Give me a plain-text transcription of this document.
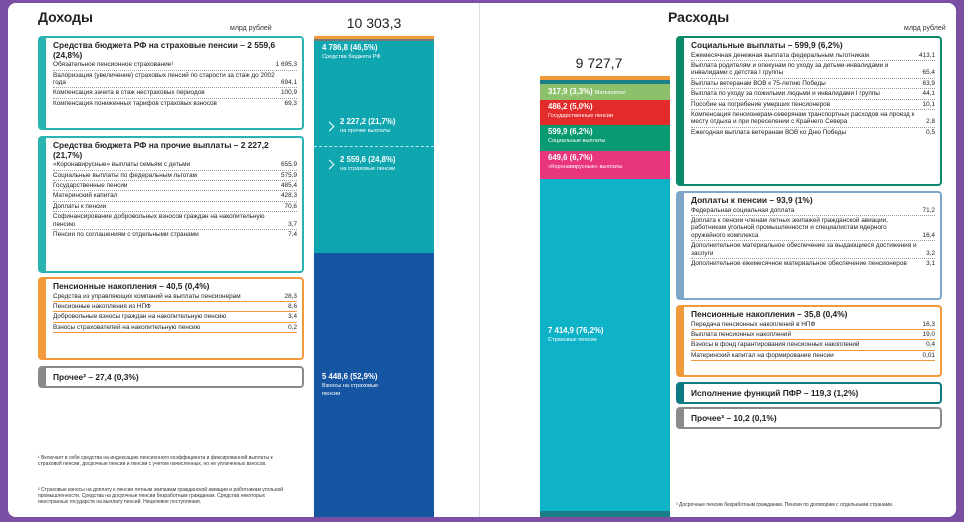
Доходы
млрд рублей	10 303,3
Средства бюджета РФ на страховые пенсии – 2 559,6 (24,8%)
Обязательное пенсионное страхование¹	1 695,3
Валоризация (увеличение) страховых пенсий по старости за стаж до 2002 года	694,1
Компенсация зачета в стаж нестраховых периодов	100,9
Компенсация пониженных тарифов страховых взносов	69,3
Средства бюджета РФ на прочие выплаты – 2 227,2 (21,7%)
«Коронавирусные» выплаты семьям с детьми	655,9
Социальные выплаты по федеральным льготам	575,9
Государственные пенсии	485,4
Материнский капитал	428,3
Доплаты к пенсии	70,6
Софинансирование добровольных взносов граждан на накопительную пенсию	3,7
Пенсии по соглашениям с отдельными странами	7,4
Пенсионные накопления – 40,5 (0,4%)
Средства из управляющих компаний на выплаты пенсионерам	28,3
Пенсионные накопления из НПФ	8,6
Добровольные взносы граждан на накопительную пенсию	3,4
Взносы страхователей на накопительную пенсию	0,2
Прочее² – 27,4 (0,3%)
¹ Включает в себя средства на индексацию пенсионного коэффициента и фиксированной выплаты к страховой пенсии, досрочные пенсии и пенсии с учетом начисленных, но не уплаченных взносов.
² Страховые взносы на доплату к пенсии летным экипажам гражданской авиации и работникам угольной промышленности. Средства на досрочные пенсии безработным гражданам. Средства некоторых иностранных государств на выплату пенсий. Нецелевое поступления.
4 786,8 (46,5%)
Средства бюджета РФ
2 227,2 (21,7%)
на прочие выплаты
2 559,6 (24,8%)
на страховые пенсии
5 448,6 (52,9%)
Взносы на страховые пенсии
Расходы
млрд рублей
9 727,7
317,9 (3,3%) Маткапитал
486,2 (5,0%)
Государственные пенсии
599,9 (6,2%)
Социальные выплаты
649,6 (6,7%)
«Коронавирусные» выплаты
7 414,9 (76,2%)
Страховые пенсии
Социальные выплаты – 599,9 (6,2%)
Ежемесячная денежная выплата федеральным льготникам	413,1
Выплата родителям и опекунам по уходу за детьми-инвалидами и инвалидами с детства I группы	65,4
Выплаты ветеранам ВОВ к 75-летию Победы	63,9
Выплата по уходу за пожилыми людьми и инвалидами I группы	44,1
Пособие на погребение умерших пенсионеров	10,1
Компенсация пенсионерам-северянам транспортных расходов на проезд к месту отдыха и при переселении с Крайнего Севера	2,8
Ежегодная выплата ветеранам ВОВ ко Дню Победы	0,5
Доплаты к пенсии – 93,9 (1%)
Федеральная социальная доплата	71,2
Доплата к пенсии членам летных экипажей гражданской авиации, работникам угольной промышленности и специалистам ядерного оружейного комплекса	16,4
Дополнительное материальное обеспечение за выдающиеся достижения и заслуги	3,2
Дополнительное ежемесячное материальное обеспечение пенсионеров	3,1
Пенсионные накопления – 35,8 (0,4%)
Передача пенсионных накоплений в НПФ	16,3
Выплата пенсионных накоплений	19,0
Взносы в фонд гарантирования пенсионных накоплений	0,4
Материнский капитал на формирование пенсии	0,01
Исполнение функций ПФР – 119,3 (1,2%)
Прочее³ – 10,2 (0,1%)
³ Досрочные пенсии безработным гражданам. Пенсии по договорам с отдельными странами.
